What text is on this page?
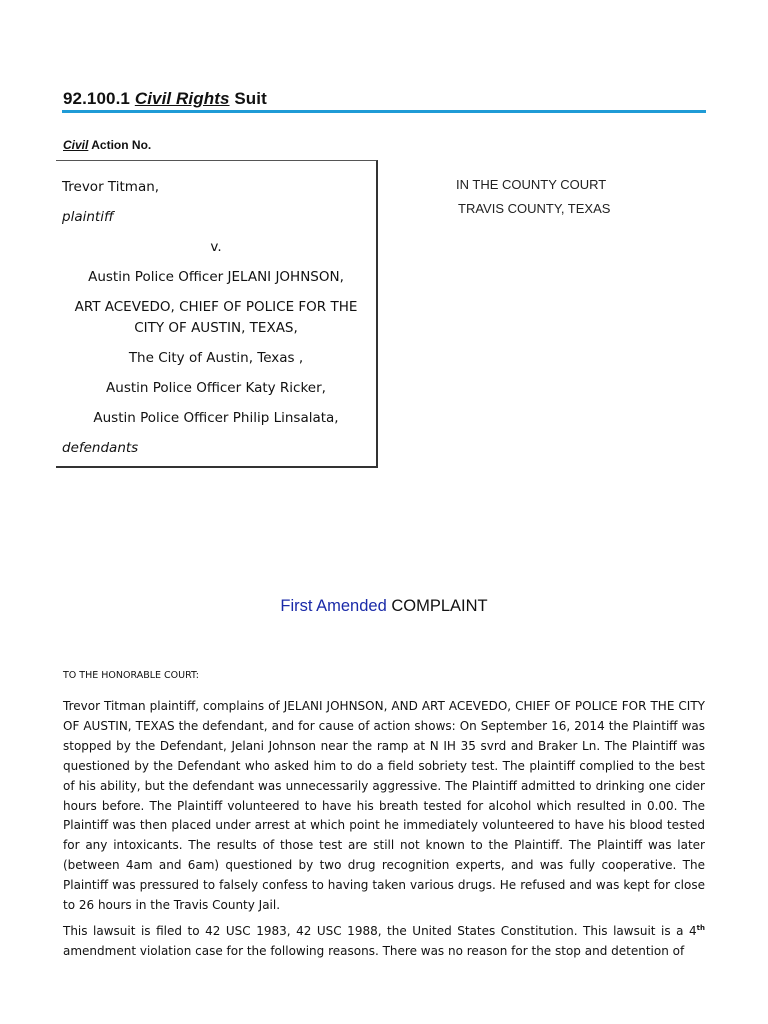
92.100.1 Civil Rights Suit
Civil Action No.
Trevor Titman,
plaintiff
v.
Austin Police Officer JELANI JOHNSON,
ART ACEVEDO, CHIEF OF POLICE FOR THE
CITY OF AUSTIN, TEXAS,
The City of Austin, Texas ,
Austin Police Officer Katy Ricker,
Austin Police Officer Philip Linsalata,
defendants
IN THE COUNTY COURT
TRAVIS COUNTY, TEXAS
First Amended COMPLAINT
TO THE HONORABLE COURT:
Trevor Titman plaintiff, complains of JELANI JOHNSON, AND ART ACEVEDO, CHIEF OF POLICE FOR THE CITY OF AUSTIN, TEXAS the defendant, and for cause of action shows: On September 16, 2014 the Plaintiff was stopped by the Defendant, Jelani Johnson near the ramp at N IH 35 svrd and Braker Ln. The Plaintiff was questioned by the Defendant who asked him to do a field sobriety test. The plaintiff complied to the best of his ability, but the defendant was unnecessarily aggressive. The Plaintiff admitted to drinking one cider hours before. The Plaintiff volunteered to have his breath tested for alcohol which resulted in 0.00. The Plaintiff was then placed under arrest at which point he immediately volunteered to have his blood tested for any intoxicants. The results of those test are still not known to the Plaintiff. The Plaintiff was later (between 4am and 6am) questioned by two drug recognition experts, and was fully cooperative. The Plaintiff was pressured to falsely confess to having taken various drugs. He refused and was kept for close to 26 hours in the Travis County Jail.
This lawsuit is filed to 42 USC 1983, 42 USC 1988, the United States Constitution. This lawsuit is a 4th amendment violation case for the following reasons. There was no reason for the stop and detention of
